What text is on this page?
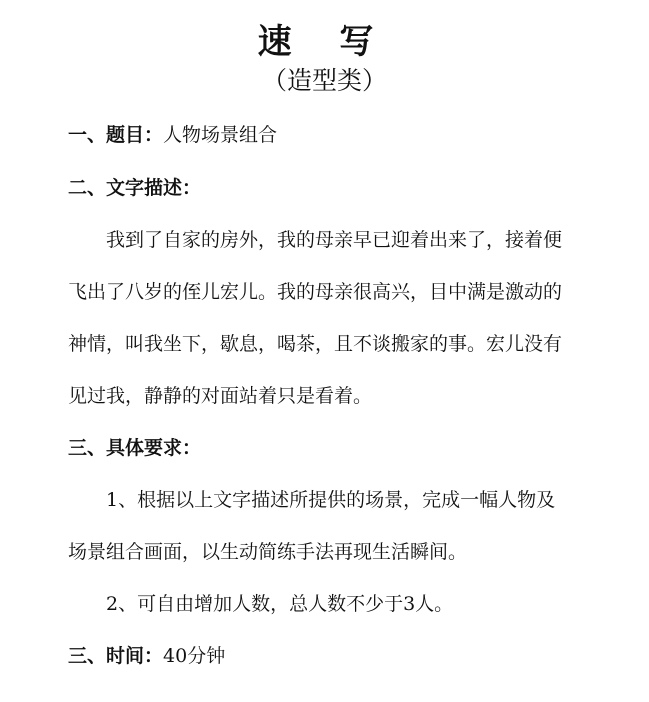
速 写
（造型类）
一、题目：人物场景组合
二、文字描述：
我到了自家的房外，我的母亲早已迎着出来了，接着便
飞出了八岁的侄儿宏儿。我的母亲很高兴，目中满是激动的
神情，叫我坐下，歇息，喝茶，且不谈搬家的事。宏儿没有
见过我，静静的对面站着只是看着。
三、具体要求：
1、根据以上文字描述所提供的场景，完成一幅人物及
场景组合画面，以生动简练手法再现生活瞬间。
2、可自由增加人数，总人数不少于3人。
三、时间：40分钟
